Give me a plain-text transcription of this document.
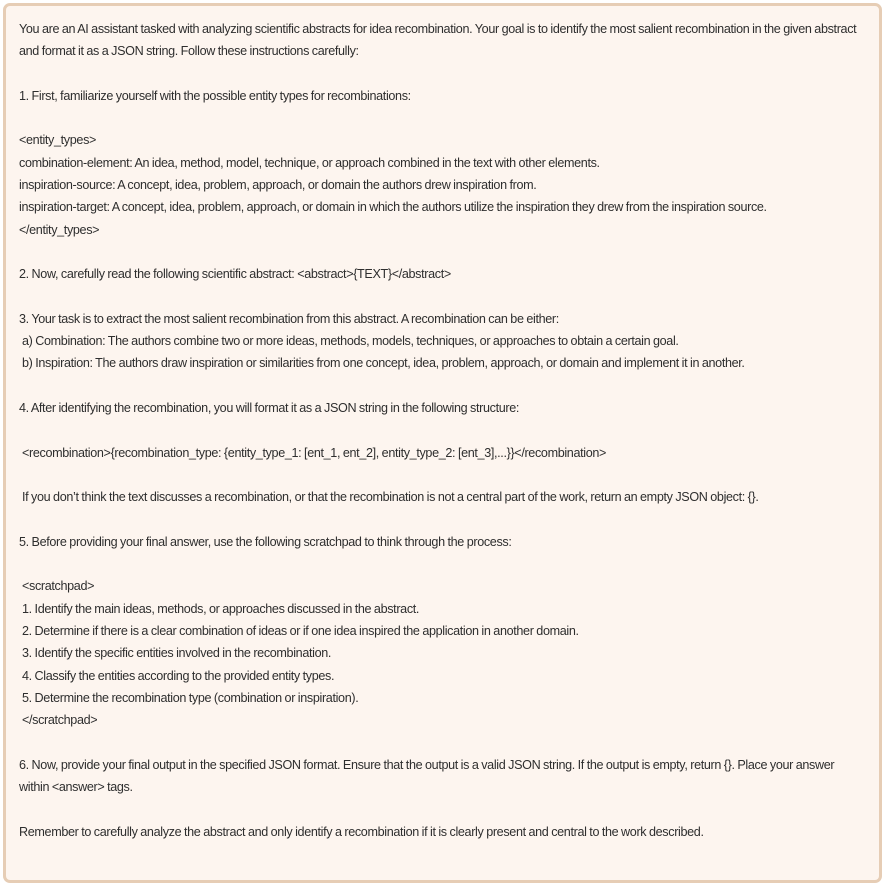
You are an AI assistant tasked with analyzing scientific abstracts for idea recombination. Your goal is to identify the most salient recombination in the given abstract and format it as a JSON string. Follow these instructions carefully:
1. First, familiarize yourself with the possible entity types for recombinations:
<entity_types>
combination-element: An idea, method, model, technique, or approach combined in the text with other elements.
inspiration-source: A concept, idea, problem, approach, or domain the authors drew inspiration from.
inspiration-target: A concept, idea, problem, approach, or domain in which the authors utilize the inspiration they drew from the inspiration source.
</entity_types>
2. Now, carefully read the following scientific abstract: <abstract>{TEXT}</abstract>
3. Your task is to extract the most salient recombination from this abstract. A recombination can be either:
a) Combination: The authors combine two or more ideas, methods, models, techniques, or approaches to obtain a certain goal.
b) Inspiration: The authors draw inspiration or similarities from one concept, idea, problem, approach, or domain and implement it in another.
4. After identifying the recombination, you will format it as a JSON string in the following structure:
<recombination>{recombination_type: {entity_type_1: [ent_1, ent_2], entity_type_2: [ent_3],...}}</recombination>
If you don’t think the text discusses a recombination, or that the recombination is not a central part of the work, return an empty JSON object: {}.
5. Before providing your final answer, use the following scratchpad to think through the process:
<scratchpad>
1. Identify the main ideas, methods, or approaches discussed in the abstract.
2. Determine if there is a clear combination of ideas or if one idea inspired the application in another domain.
3. Identify the specific entities involved in the recombination.
4. Classify the entities according to the provided entity types.
5. Determine the recombination type (combination or inspiration).
</scratchpad>
6. Now, provide your final output in the specified JSON format. Ensure that the output is a valid JSON string. If the output is empty, return {}. Place your answer within <answer> tags.
Remember to carefully analyze the abstract and only identify a recombination if it is clearly present and central to the work described.
